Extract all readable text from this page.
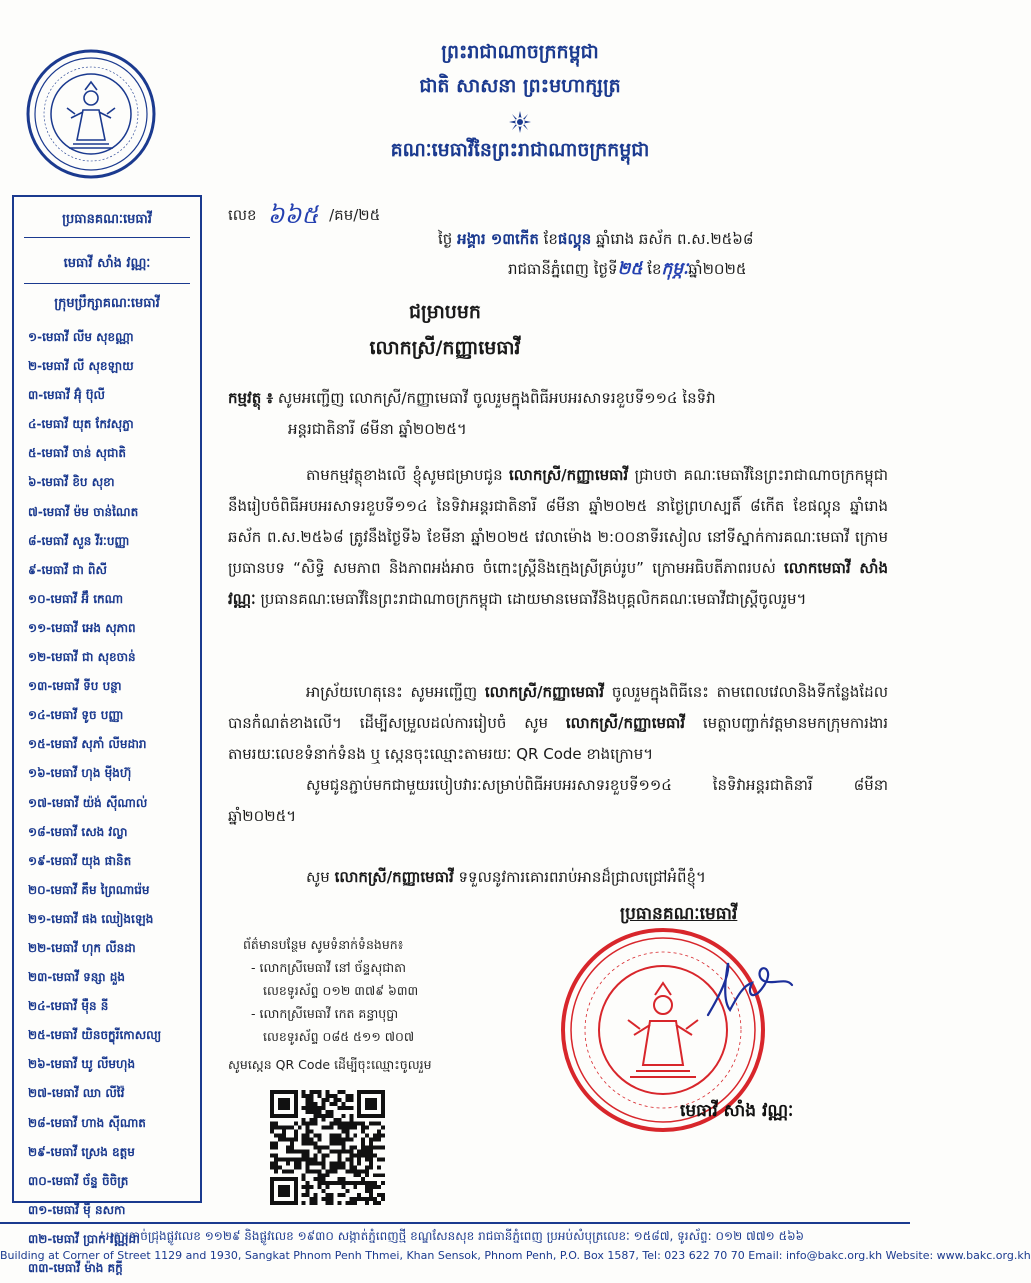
ព្រះរាជាណាចក្រកម្ពុជា
ជាតិ សាសនា ព្រះមហាក្សត្រ
គណៈមេធាវីនៃព្រះរាជាណាចក្រកម្ពុជា
ប្រធានគណៈមេធាវី
មេធាវី សាំង វណ្ណៈ
ក្រុមប្រឹក្សាគណៈមេធាវី
១-មេធាវី លីម សុខណ្ណា
២-មេធាវី លី សុខឡាយ
៣-មេធាវី អ៊ុំ ប៊ុលី
៤-មេធាវី យុត កែវសុភ្ចា
៥-មេធាវី ចាន់ សុជាតិ
៦-មេធាវី ខិប សុខា
៧-មេធាវី ម៉ម ចាន់ណៃត
៨-មេធាវី សួន វីរៈបញ្ញា
៩-មេធាវី ជា ពិសី
១០-មេធាវី អ៊ឹ កេណា
១១-មេធាវី អេង សុភាព
១២-មេធាវី ជា សុខចាន់
១៣-មេធាវី ទីប បន្ថា
១៤-មេធាវី ទូច បញ្ញា
១៥-មេធាវី សុភាំ លីមដារា
១៦-មេធាវី ហុង ម៉ីងហ៊ុ
១៧-មេធាវី យ៉ង់ ស៊ីណាល់
១៨-មេធាវី សេង វល្លា
១៩-មេធាវី យុង ផានិត
២០-មេធាវី គឹម ព្រៃណារ៉េម
២១-មេធាវី ផង ឈៀងឡេង
២២-មេធាវី ហុក លីនដា
២៣-មេធាវី ទន្សា ដួង
២៤-មេធាវី ម៉ឺន នី
២៥-មេធាវី យិនចក្ខុរីកោសល្យ
២៦-មេធាវី ឃូ លីមហុង
២៧-មេធាវី ឈា លីវ៉ៃ
២៨-មេធាវី ហាង ស៊ីណាត
២៩-មេធាវី ស្រេង ឧត្តម
៣០-មេធាវី ច័ន្ទ ចិចិត្រ
៣១-មេធាវី មុី នសកា
៣២-មេធាវី ប្រាក់ វណ្ណដា
៣៣-មេធាវី ម៉ាង គក្តី
លេខ ៦៦៥ /គម/២៥
ថ្ងៃ អង្គារ ១៣កើត ខែផល្គុន ឆ្នាំរោង ឆស័ក ព.ស.២៥៦៨
រាជធានីភ្នំពេញ ថ្ងៃទី២៥ ខែកុម្ភៈឆ្នាំ២០២៥
ជម្រាបមក
លោកស្រី/កញ្ញាមេធាវី
កម្មវត្ថុ ៖ សូមអញ្ជើញ លោកស្រី/កញ្ញាមេធាវី ចូលរួមក្នុងពិធីអបអរសាទរខួបទី១១៤ នៃទិវា
អន្តរជាតិនារី ៨មីនា ឆ្នាំ២០២៥។
តាមកម្មវត្ថុខាងលើ ខ្ញុំសូមជម្រាបជូន លោកស្រី/កញ្ញាមេធាវី ជ្រាបថា គណៈមេធាវីនៃព្រះរាជាណាចក្រកម្ពុជានឹងរៀបចំពិធីអបអរសាទរខួបទី១១៤ នៃទិវាអន្តរជាតិនារី ៨មីនា ឆ្នាំ២០២៥ នាថ្ងៃព្រហស្បតិ៍ ៨កើត ខែផល្គុន ឆ្នាំរោង ឆស័ក ព.ស.២៥៦៨ ត្រូវនឹងថ្ងៃទី៦ ខែមីនា ឆ្នាំ២០២៥ វេលាម៉ោង ២:០០នាទីរសៀល នៅទីស្នាក់ការគណៈមេធាវី ក្រោមប្រធានបទ “សិទ្ធិ សមភាព និងភាពអង់អាច ចំពោះស្ត្រីនិងក្មេងស្រីគ្រប់រូប” ក្រោមអធិបតីភាពរបស់ លោកមេធាវី សាំង វណ្ណៈ ប្រធានគណៈមេធាវីនៃព្រះរាជាណាចក្រកម្ពុជា ដោយមានមេធាវីនិងបុគ្គលិកគណៈមេធាវីជាស្ត្រីចូលរួម។
អាស្រ័យហេតុនេះ សូមអញ្ជើញ លោកស្រី/កញ្ញាមេធាវី ចូលរួមក្នុងពិធីនេះ តាមពេលវេលានិងទីកន្លែងដែលបានកំណត់ខាងលើ។ ដើម្បីសម្រួលដល់ការរៀបចំ សូម លោកស្រី/កញ្ញាមេធាវី មេត្តាបញ្ជាក់វត្តមានមកក្រុមការងារ តាមរយៈលេខទំនាក់ទំនង ឬ ស្កេនចុះឈ្មោះតាមរយៈ QR Code ខាងក្រោម។
សូមជូនភ្ជាប់មកជាមួយរបៀបវារៈសម្រាប់ពិធីអបអរសាទរខួបទី១១៤ នៃទិវាអន្តរជាតិនារី ៨មីនា ឆ្នាំ២០២៥។
សូម លោកស្រី/កញ្ញាមេធាវី ទទួលនូវការគោរពរាប់អានដ៏ជ្រាលជ្រៅអំពីខ្ញុំ។
ប្រធានគណៈមេធាវី
មេធាវី សាំង វណ្ណៈ
ព័ត៌មានបន្ថែម សូមទំនាក់ទំនងមក៖
- លោកស្រីមេធាវី នៅ ច័ន្ទសុជាតា
លេខទូរស័ព្ទ ០១២ ៣៧៩ ៦៣៣
- លោកស្រីមេធាវី កេត គន្ធាបុប្ផា
លេខទូរស័ព្ទ ០៨៥ ៥១១ ៧០៧
សូមស្កេន QR Code ដើម្បីចុះឈ្មោះចូលរួម
អគារកាច់ជ្រុងផ្លូវលេខ ១១២៩ និងផ្លូវលេខ ១៩៣០ សង្កាត់ភ្នំពេញថ្មី ខណ្ឌសែនសុខ រាជធានីភ្នំពេញ ប្រអប់សំបុត្រលេខៈ ១៥៨៧, ទូរស័ព្ទ: ០១២ ៧៧១ ៥៦៦
Building at Corner of Street 1129 and 1930, Sangkat Phnom Penh Thmei, Khan Sensok, Phnom Penh, P.O. Box 1587, Tel: 023 622 70 70 Email: info@bakc.org.kh Website: www.bakc.org.kh
